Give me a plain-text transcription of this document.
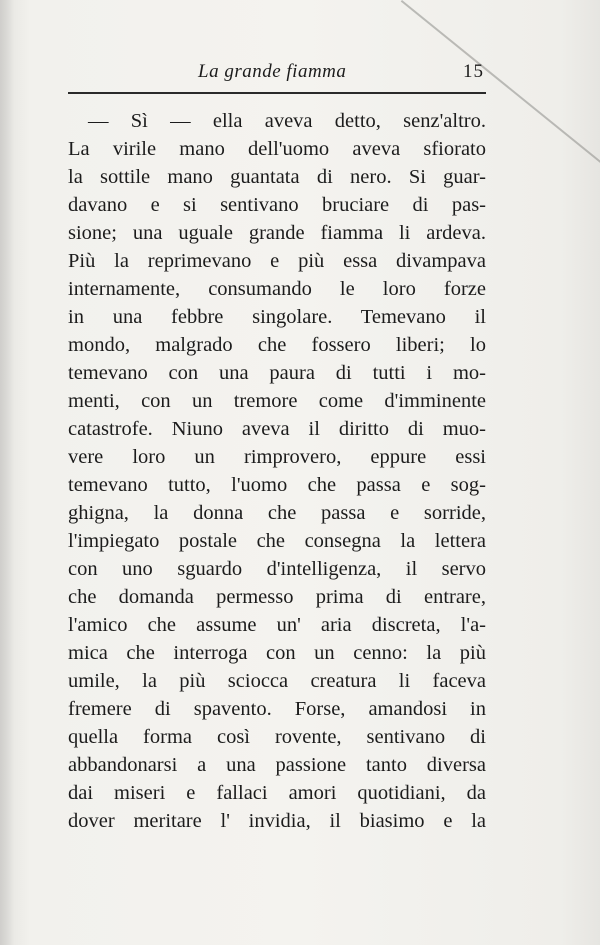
La grande fiamma	15
— Sì — ella aveva detto, senz'altro.
La virile mano dell'uomo aveva sfiorato
la sottile mano guantata di nero. Si guar-
davano e si sentivano bruciare di pas-
sione; una uguale grande fiamma li ardeva.
Più la reprimevano e più essa divampava
internamente, consumando le loro forze
in una febbre singolare. Temevano il
mondo, malgrado che fossero liberi; lo
temevano con una paura di tutti i mo-
menti, con un tremore come d'imminente
catastrofe. Niuno aveva il diritto di muo-
vere loro un rimprovero, eppure essi
temevano tutto, l'uomo che passa e sog-
ghigna, la donna che passa e sorride,
l'impiegato postale che consegna la lettera
con uno sguardo d'intelligenza, il servo
che domanda permesso prima di entrare,
l'amico che assume un' aria discreta, l'a-
mica che interroga con un cenno: la più
umile, la più sciocca creatura li faceva
fremere di spavento. Forse, amandosi in
quella forma così rovente, sentivano di
abbandonarsi a una passione tanto diversa
dai miseri e fallaci amori quotidiani, da
dover meritare l' invidia, il biasimo e la
